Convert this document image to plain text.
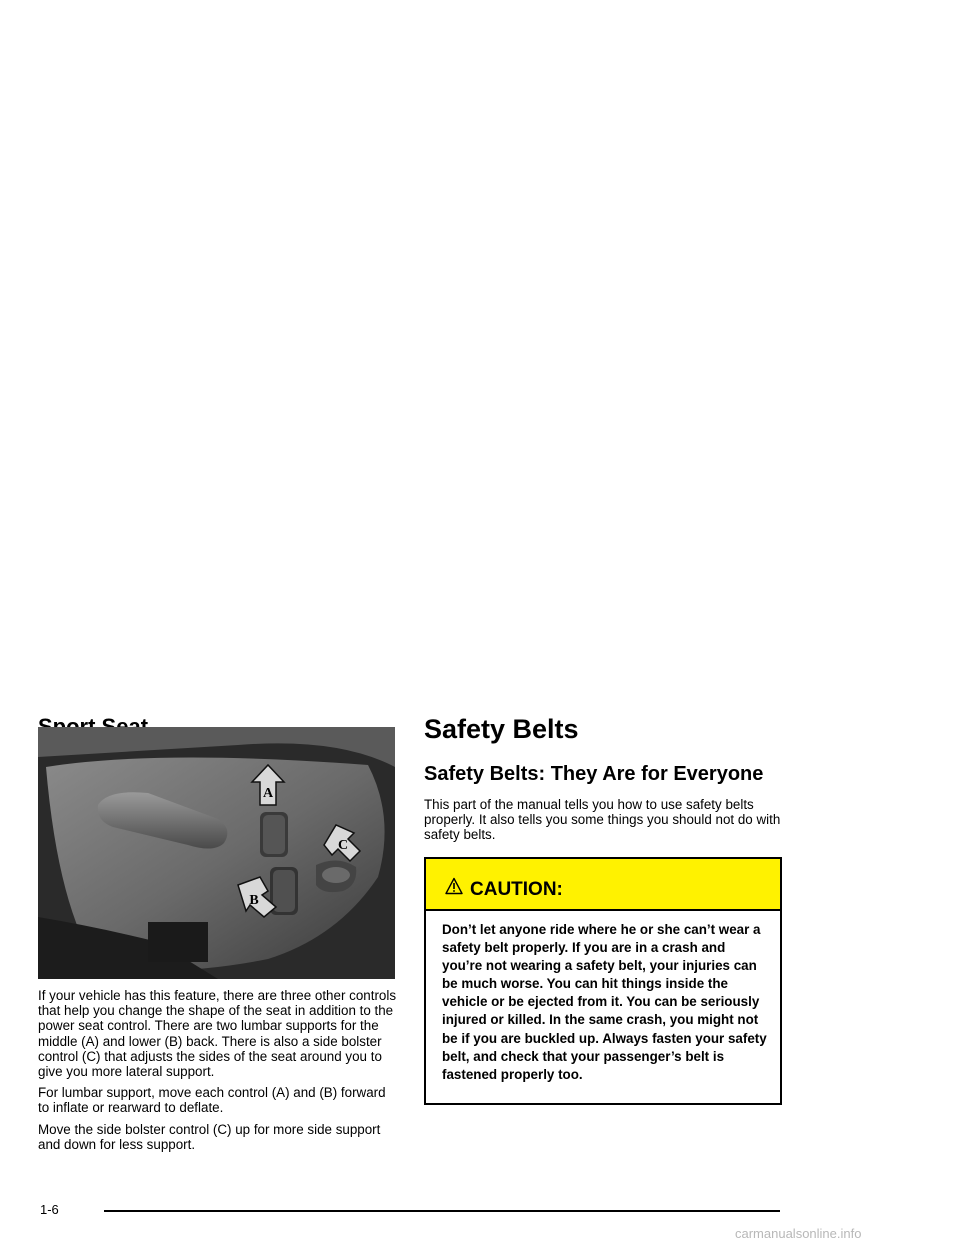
A
B
C

If your vehicle has this feature, there are three other controls that help you change the shape of the seat in addition to the power seat control. There are two lumbar supports for the middle (A) and lower (B) back. There is also a side bolster control (C) that adjusts the sides of the seat around you to give you more lateral support.

For lumbar support, move each control (A) and (B) forward to inflate or rearward to deflate.

Move the side bolster control (C) up for more side support and down for less support.

Safety Belts
Safety Belts: They Are for Everyone

This part of the manual tells you how to use safety belts properly. It also tells you some things you should not do with safety belts.

CAUTION:

Don’t let anyone ride where he or she can’t wear a safety belt properly. If you are in a crash and you’re not wearing a safety belt, your injuries can be much worse. You can hit things inside the vehicle or be ejected from it. You can be seriously injured or killed. In the same crash, you might not be if you are buckled up. Always fasten your safety belt, and check that your passenger’s belt is fastened properly too.

1-6
carmanualsonline.info
